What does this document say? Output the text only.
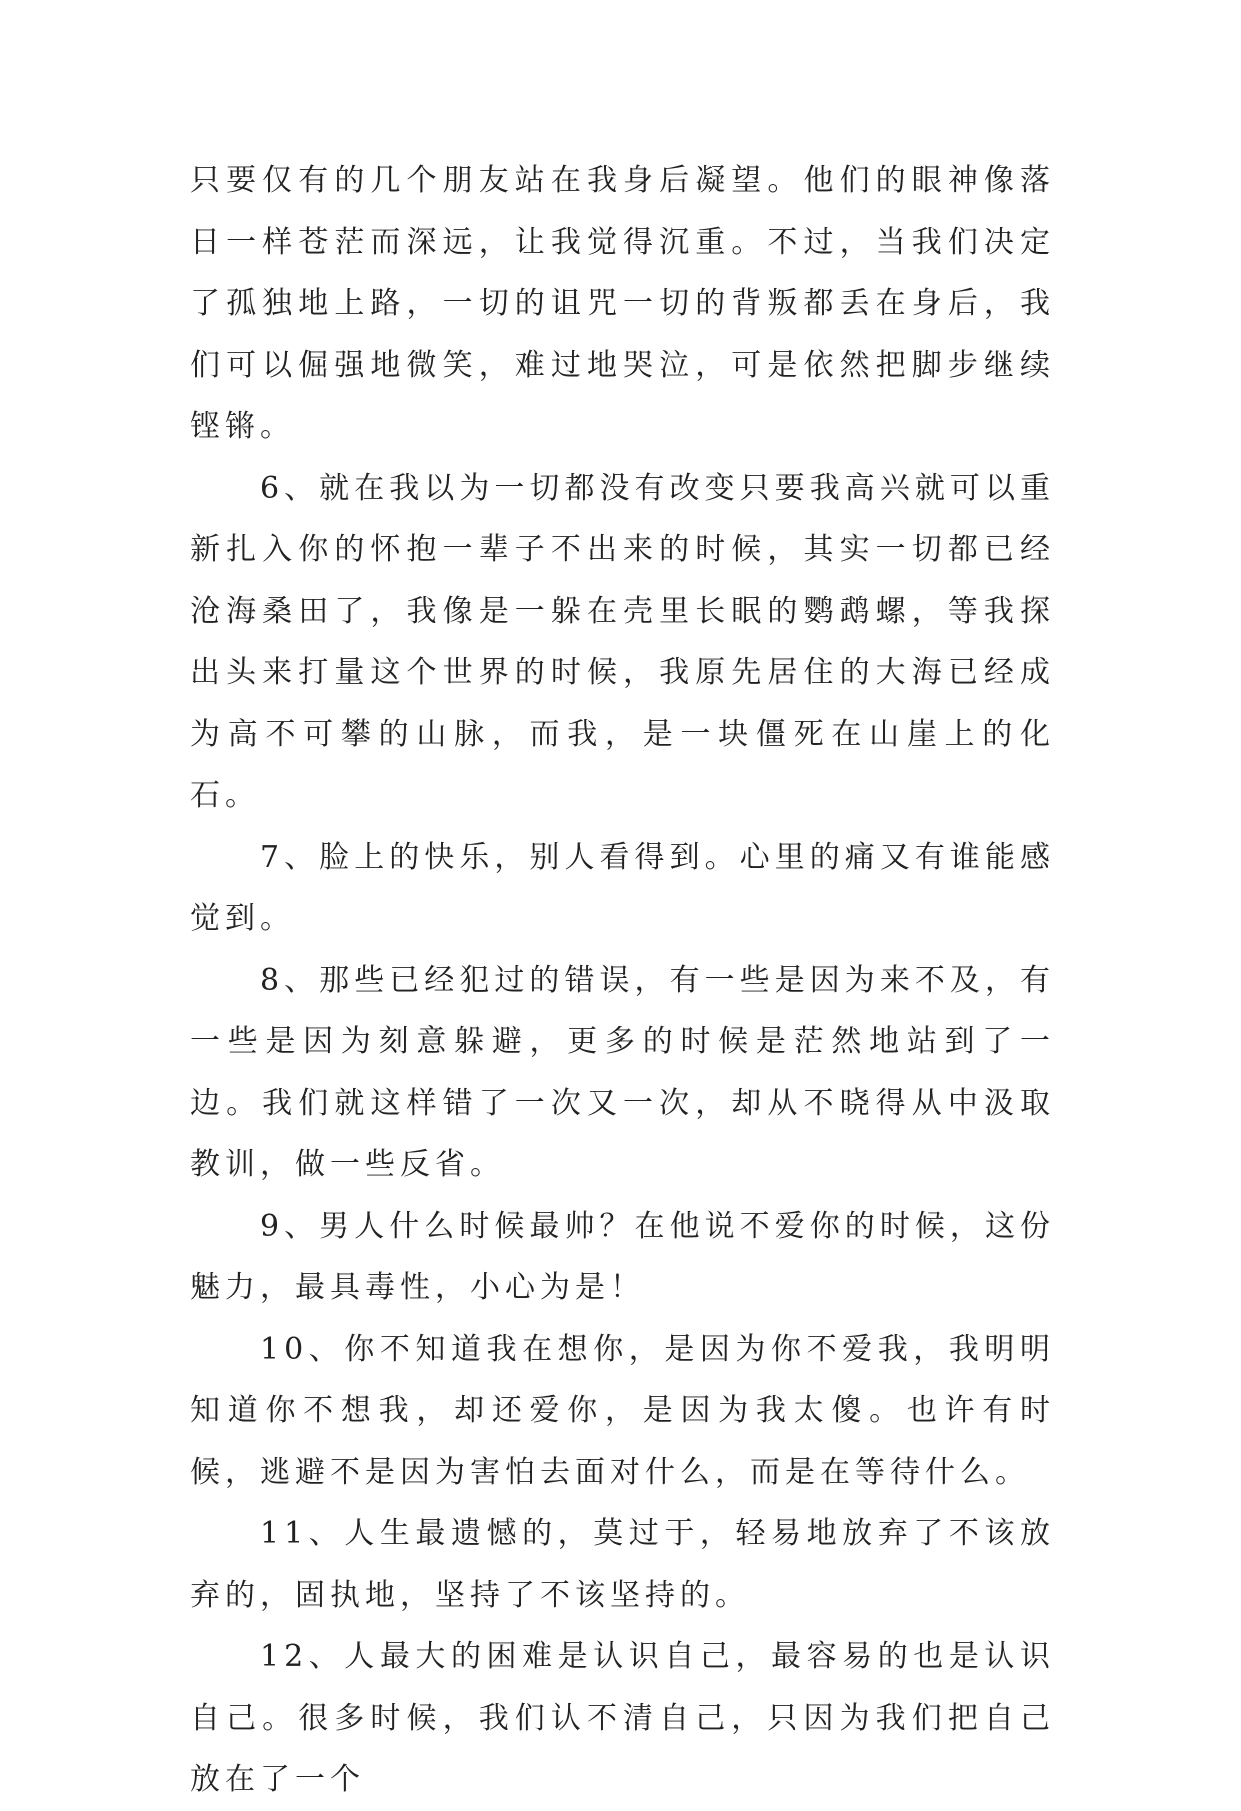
只要仅有的几个朋友站在我身后凝望。他们的眼神像落日一样苍茫而深远，让我觉得沉重。不过，当我们决定了孤独地上路，一切的诅咒一切的背叛都丢在身后，我们可以倔强地微笑，难过地哭泣，可是依然把脚步继续铿锵。

6、就在我以为一切都没有改变只要我高兴就可以重新扎入你的怀抱一辈子不出来的时候，其实一切都已经沧海桑田了，我像是一躲在壳里长眠的鹦鹉螺，等我探出头来打量这个世界的时候，我原先居住的大海已经成为高不可攀的山脉，而我，是一块僵死在山崖上的化石。

7、脸上的快乐，别人看得到。心里的痛又有谁能感觉到。

8、那些已经犯过的错误，有一些是因为来不及，有一些是因为刻意躲避，更多的时候是茫然地站到了一边。我们就这样错了一次又一次，却从不晓得从中汲取教训，做一些反省。

9、男人什么时候最帅？在他说不爱你的时候，这份魅力，最具毒性，小心为是！

10、你不知道我在想你，是因为你不爱我，我明明知道你不想我，却还爱你，是因为我太傻。也许有时候，逃避不是因为害怕去面对什么，而是在等待什么。

11、人生最遗憾的，莫过于，轻易地放弃了不该放弃的，固执地，坚持了不该坚持的。

12、人最大的困难是认识自己，最容易的也是认识自己。很多时候，我们认不清自己，只因为我们把自己放在了一个
